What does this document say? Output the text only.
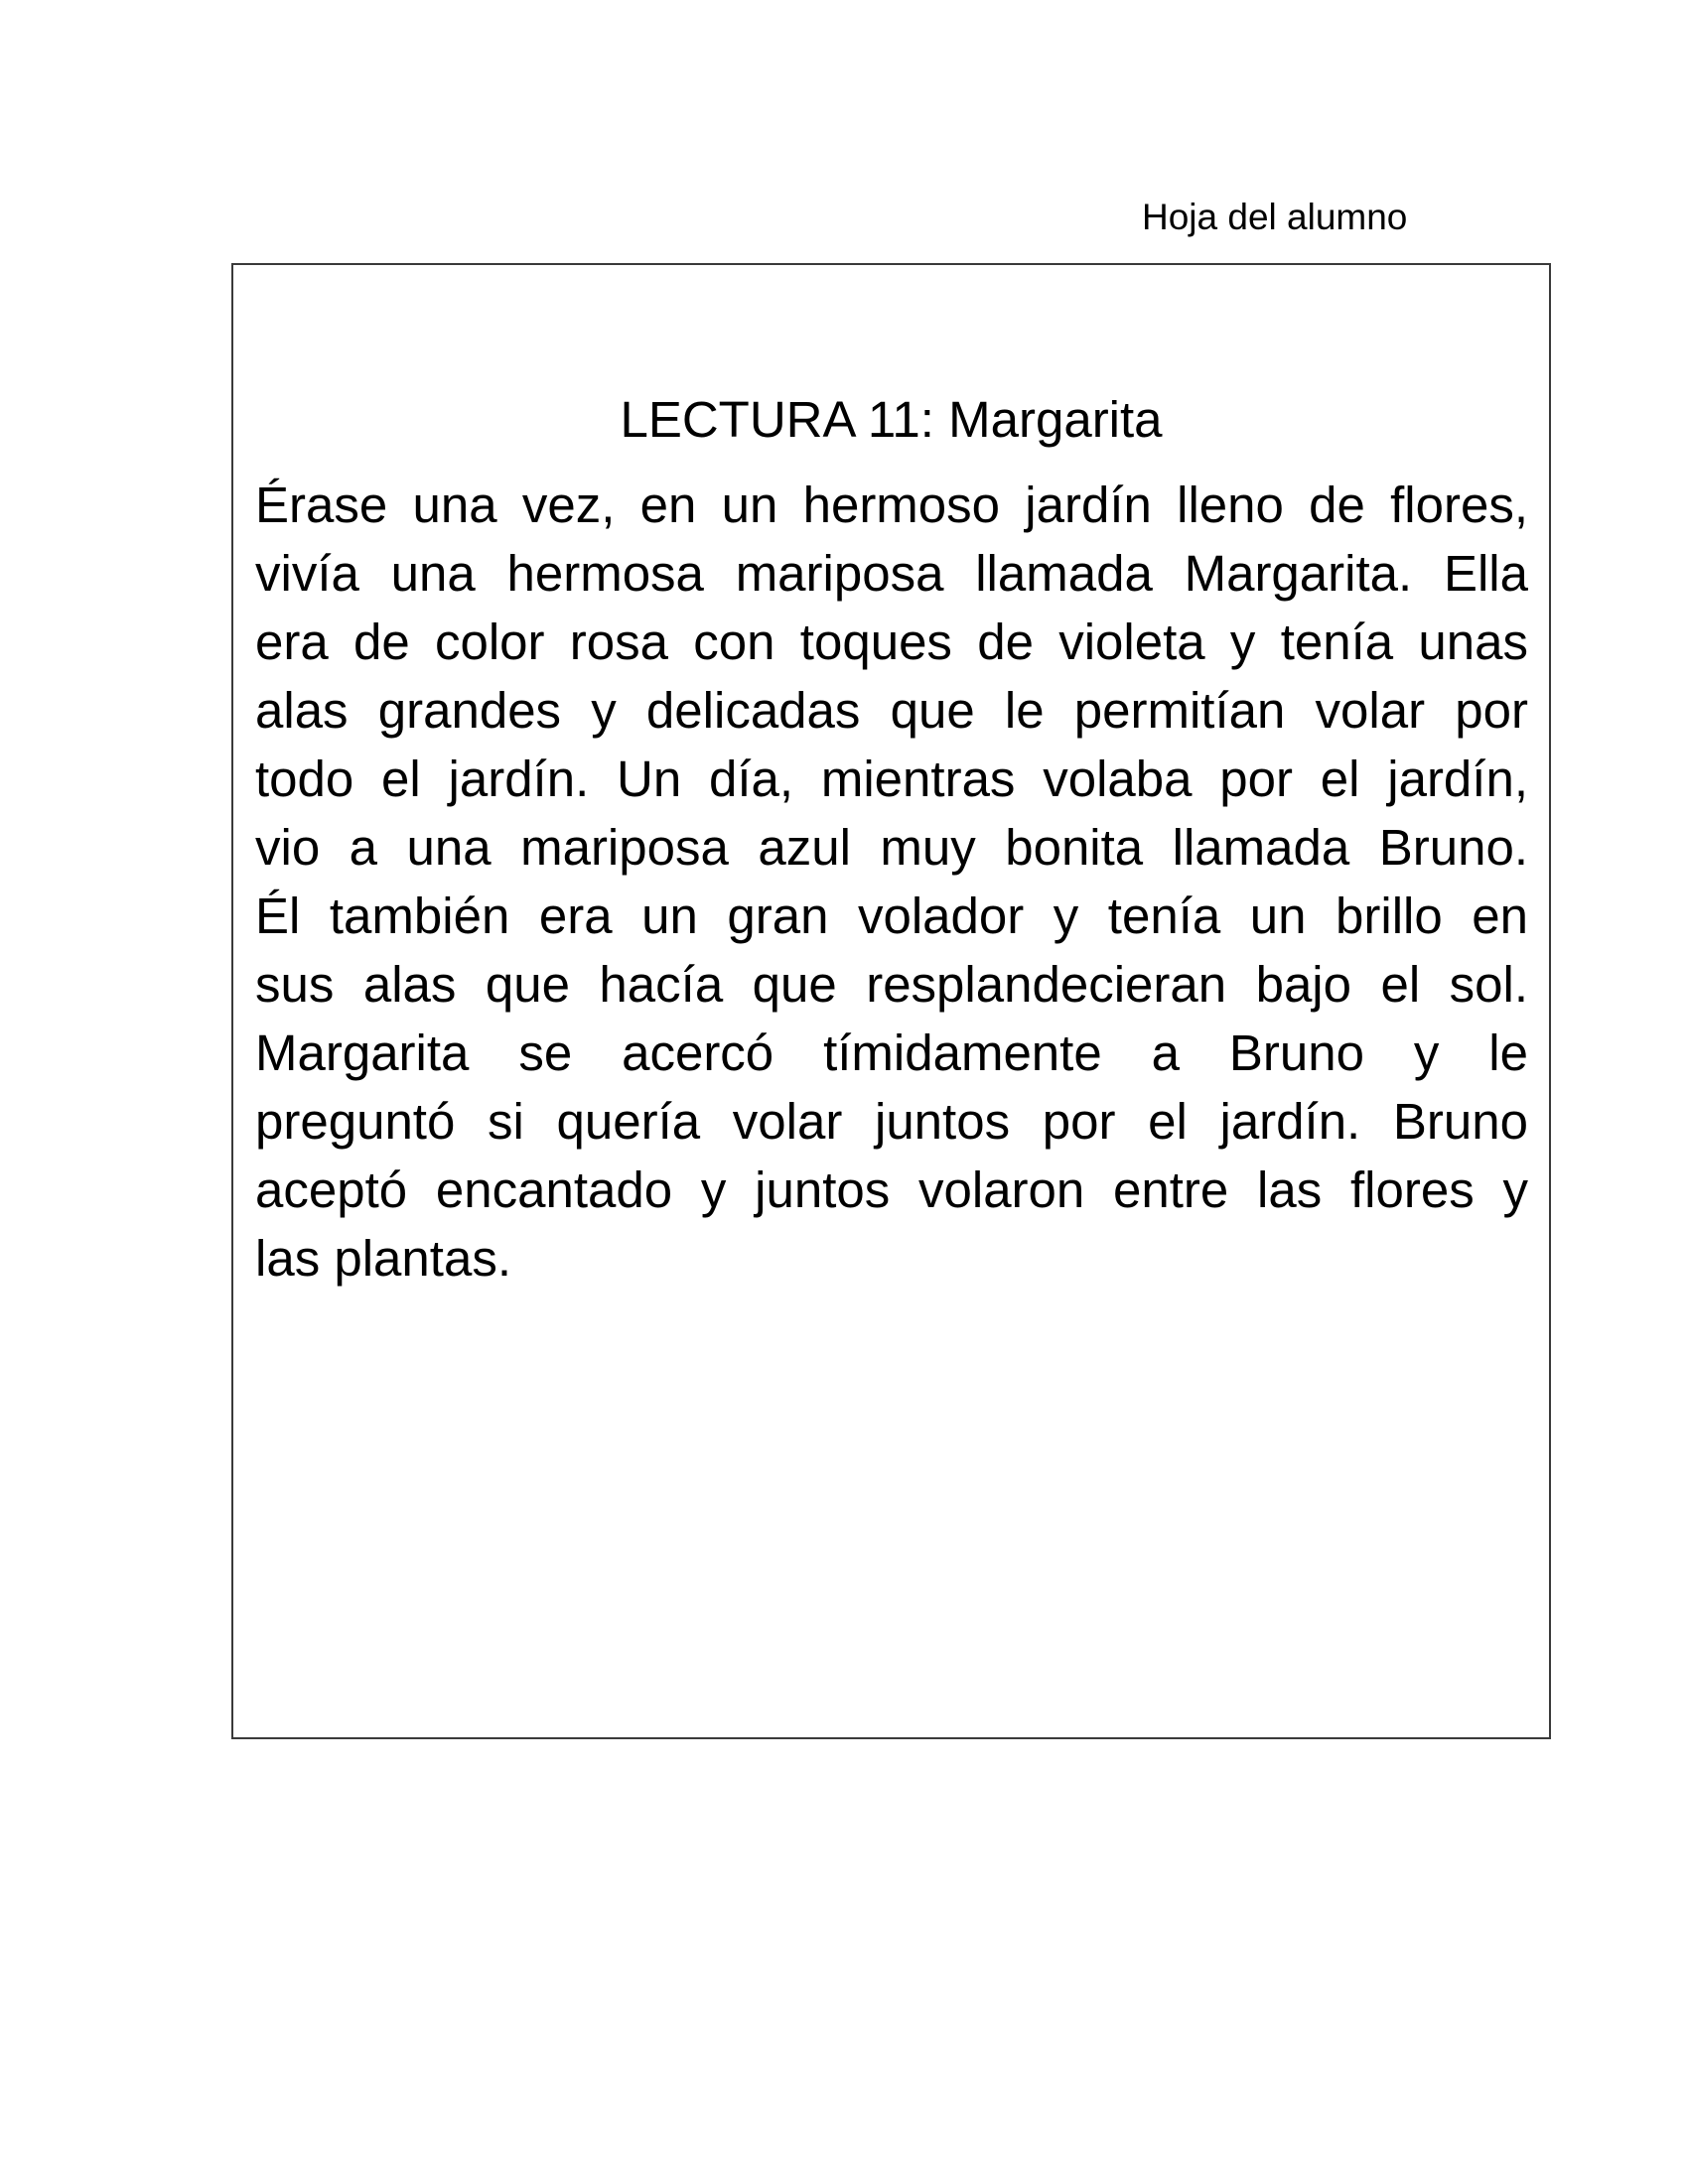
Hoja del alumno
LECTURA 11: Margarita

Érase una vez, en un hermoso jardín lleno de flores,
vivía una hermosa mariposa llamada Margarita. Ella
era de color rosa con toques de violeta y tenía unas
alas grandes y delicadas que le permitían volar por
todo el jardín. Un día, mientras volaba por el jardín,
vio a una mariposa azul muy bonita llamada Bruno.
Él también era un gran volador y tenía un brillo en
sus alas que hacía que resplandecieran bajo el sol.
Margarita se acercó tímidamente a Bruno y le
preguntó si quería volar juntos por el jardín. Bruno
aceptó encantado y juntos volaron entre las flores y
las plantas.
